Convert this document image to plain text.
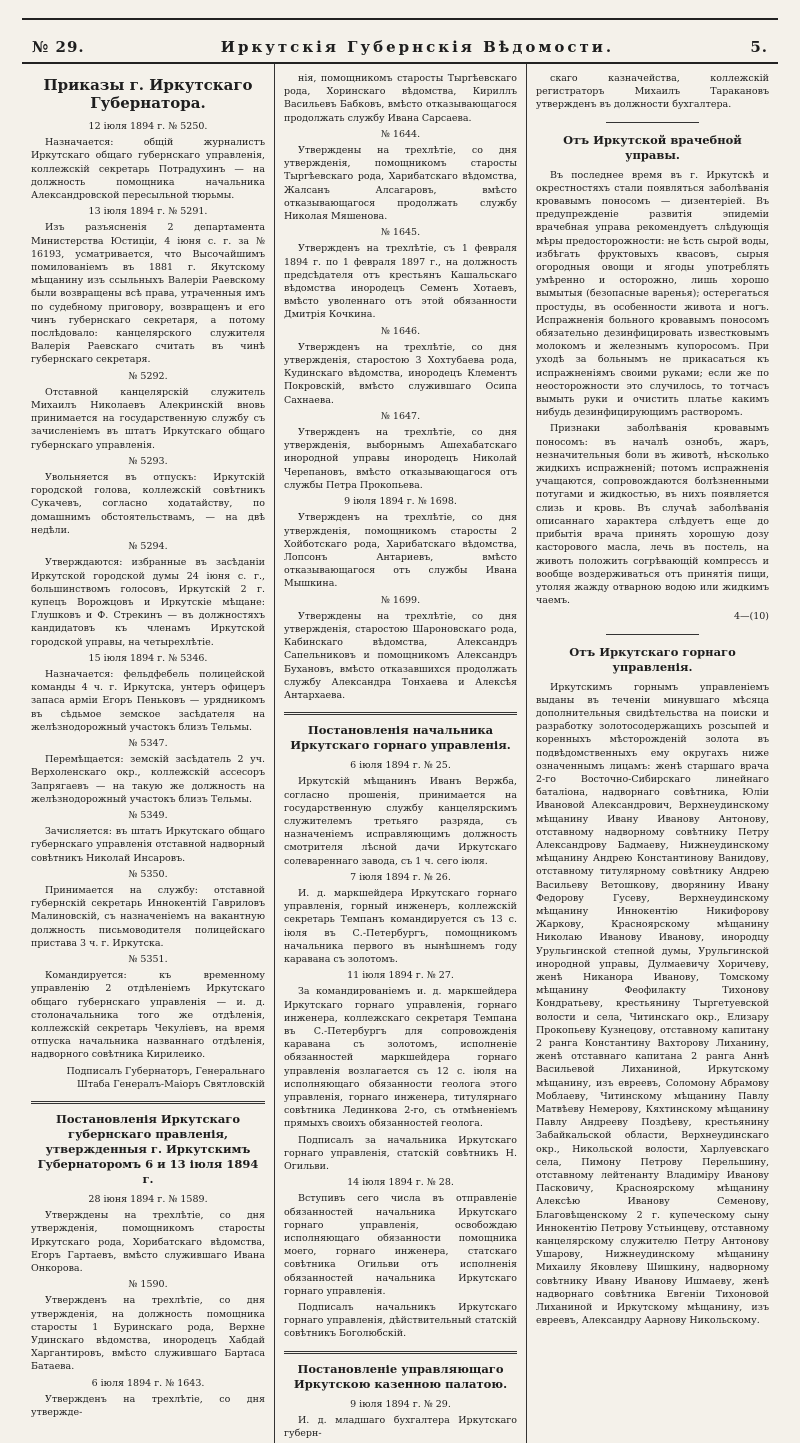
№ 29.	Иркутскія Губернскія Вѣдомости.	5.
Приказы г. Иркутскаго Губернатора.

12 іюля 1894 г. № 5250.

Назначается: общій журналистъ Иркутскаго общаго губернскаго управленія, коллежскій секретарь Потрадухинъ — на должность помощника начальника Александровской пересыльной тюрьмы.

13 іюля 1894 г. № 5291.

Изъ разъясненія 2 департамента Министерства Юстиціи, 4 іюня с. г. за № 16193, усматривается, что Высочайшимъ помилованіемъ въ 1881 г. Якутскому мѣщанину изъ ссыльныхъ Валеріи Раевскому были возвращены всѣ права, утраченныя имъ по судебному приговору, возвращенъ и его чинъ губернскаго секретаря, а потому послѣдовало: канцелярского служителя Валерія Раевскаго считать въ чинѣ губернскаго секретаря.

№ 5292.

Отставной канцелярскій служитель Михаилъ Николаевъ Алекринскій вновь принимается на государственную службу съ зачисленіемъ въ штатъ Иркутскаго общаго губернскаго управленія.

№ 5293.

Увольняется въ отпускъ: Иркутскій городской голова, коллежскій совѣтникъ Сукачевъ, согласно ходатайству, по домашнимъ обстоятельствамъ, — на двѣ недѣли.

№ 5294.

Утверждаются: избранные въ засѣданіи Иркутской городской думы 24 іюня с. г., большинствомъ голосовъ, Иркутскій 2 г. купецъ Ворожцовъ и Иркутскіе мѣщане: Глушковъ и Ф. Стрекинъ — въ должностяхъ кандидатовъ къ членамъ Иркутской городской управы, на четырехлѣтіе.

15 іюля 1894 г. № 5346.

Назначается: фельдфебель полицейской команды 4 ч. г. Иркутска, унтеръ офицеръ запаса арміи Егоръ Пеньковъ — урядникомъ въ сѣдьмое земское засѣдателя на желѣзнодорожный участокъ близъ Тельмы.

№ 5347.

Перемѣщается: земскій засѣдатель 2 уч. Верхоленскаго окр., коллежскій ассесоръ Запрягаевъ — на такую же должность на желѣзнодорожный участокъ близъ Тельмы.

№ 5349.

Зачисляется: въ штатъ Иркутскаго общаго губернскаго управленія отставной надворный совѣтникъ Николай Инсаровъ.

№ 5350.

Принимается на службу: отставной губернскій секретарь Иннокентій Гавриловъ Малиновскій, съ назначеніемъ на вакантную должность письмоводителя полицейскаго пристава 3 ч. г. Иркутска.

№ 5351.

Командируется: къ временному управленію 2 отдѣленіемъ Иркутскаго общаго губернскаго управленія — и. д. столоначальника того же отдѣленія, коллежскій секретарь Чекуліевъ, на время отпуска начальника названнаго отдѣленія, надворного совѣтника Кирилеико.

Подписалъ Губернаторъ, Генеральнаго Штаба Генералъ-Маіоръ Святловскій

Постановленія Иркутскаго губернскаго правленія, утвержденныя г. Иркутскимъ Губернаторомъ 6 и 13 іюля 1894 г.

28 іюня 1894 г. № 1589.

Утверждены на трехлѣтіе, со дня утвержденія, помощникомъ старосты Иркутскаго рода, Хорибатскаго вѣдомства, Егоръ Гартаевъ, вмѣсто служившаго Ивана Онкорова.

№ 1590.

Утвержденъ на трехлѣтіе, со дня утвержденія, на должность помощника старосты 1 Буринскаго рода, Верхне Удинскаго вѣдомства, инородецъ Хабдай Харгантировъ, вмѣсто служившаго Бартаса Батаева.

6 іюля 1894 г. № 1643.

Утвержденъ на трехлѣтіе, со дня утвержде-

нія, помощникомъ старосты Тыргѣевскаго рода, Хоринскаго вѣдомства, Кириллъ Васильевъ Бабковъ, вмѣсто отказывающагося продолжать службу Ивана Сарсаева.

№ 1644.

Утверждены на трехлѣтіе, со дня утвержденія, помощникомъ старосты Тыргѣевскаго рода, Харибатскаго вѣдомства, Жалсанъ Алсагаровъ, вмѣсто отказывающагося продолжать службу Николая Мяшенова.

№ 1645.

Утвержденъ на трехлѣтіе, съ 1 февраля 1894 г. по 1 февраля 1897 г., на должность предсѣдателя отъ крестьянъ Кашальскаго вѣдомства инородецъ Семенъ Хотаевъ, вмѣсто уволеннаго отъ этой обязанности Дмитрія Кочкина.

№ 1646.

Утвержденъ на трехлѣтіе, со дня утвержденія, старостою 3 Хохтубаева рода, Кудинскаго вѣдомства, инородецъ Клементъ Покровскій, вмѣсто служившаго Осипа Сахнаева.

№ 1647.

Утвержденъ на трехлѣтіе, со дня утвержденія, выборнымъ Ашехабатскаго инородной управы инородецъ Николай Черепановъ, вмѣсто отказывающагося отъ службы Петра Прокопьева.

9 іюля 1894 г. № 1698.

Утвержденъ на трехлѣтіе, со дня утвержденія, помощникомъ старосты 2 Хойботскаго рода, Харибатскаго вѣдомства, Лопсонъ Антариевъ, вмѣсто отказывающагося отъ службы Ивана Мышкина.

№ 1699.

Утверждены на трехлѣтіе, со дня утвержденія, старостою Шароновскаго рода, Кабинскаго вѣдомства, Александръ Сапельниковъ и помощникомъ Александръ Бухановъ, вмѣсто отказавшихся продолжать службу Александра Тонхаева и Алексѣя Антархаева.

Постановленія начальника Иркутскаго горнаго управленія.

6 іюля 1894 г. № 25.

Иркутскій мѣщанинъ Иванъ Вержба, согласно прошенія, принимается на государственную службу канцелярскимъ служителемъ третьяго разряда, съ назначеніемъ исправляющимъ должность смотрителя лѣсной дачи Иркутскаго солевареннаго завода, съ 1 ч. сего іюля.

7 іюля 1894 г. № 26.

И. д. маркшейдера Иркутскаго горнаго управленія, горный инженеръ, коллежскій секретарь Темпанъ командируется съ 13 с. іюля въ С.-Петербургъ, помощникомъ начальника первого въ нынѣшнемъ году каравана съ золотомъ.

11 іюля 1894 г. № 27.

За командированіемъ и. д. маркшейдера Иркутскаго горнаго управленія, горнаго инженера, коллежскаго секретаря Темпана въ С.-Петербургъ для сопровожденія каравана съ золотомъ, исполненіе обязанностей маркшейдера горнаго управленія возлагается съ 12 с. іюля на исполняющаго обязанности геолога этого управленія, горнаго инженера, титулярнаго совѣтника Лединкова 2-го, съ отмѣненіемъ прямыхъ своихъ обязанностей геолога.

Подписалъ за начальника Иркутскаго горнаго управленія, статскій совѣтникъ Н. Огильви.

14 іюля 1894 г. № 28.

Вступивъ сего числа въ отправленіе обязанностей начальника Иркутскаго горнаго управленія, освобождаю исполняющаго обязанности помощника моего, горнаго инженера, статскаго совѣтника Огильви отъ исполненія обязанностей начальника Иркутскаго горнаго управленія.

Подписалъ начальникъ Иркутскаго горнаго управленія, дѣйствительный статскій совѣтникъ Боголюбскій.

Постановленіе управляющаго Иркутскою казенною палатою.

9 іюля 1894 г. № 29.

И. д. младшаго бухгалтера Иркутскаго губерн-

скаго казначейства, коллежскій регистраторъ Михаилъ Таракановъ утвержденъ въ должности бухгалтера.

Отъ Иркутской врачебной управы.

Въ последнее время въ г. Иркутскѣ и окрестностяхъ стали появляться заболѣванія кровавымъ поносомъ — дизентеріей. Въ предупрежденіе развитія эпидеміи врачебная управа рекомендуетъ слѣдующія мѣры предосторожности: не ѣсть сырой воды, избѣгать фруктовыхъ квасовъ, сырыя огородныя овощи и ягоды употреблять умѣренно и осторожно, лишь хорошо вымытыя (безопасные варенья); остерегаться простуды, въ особенности живота и ногъ. Испражненія больного кровавымъ поносомъ обязательно дезинфицировать известковымъ молокомъ и железнымъ купоросомъ. При уходѣ за больнымъ не прикасаться къ испражненіямъ своими руками; если же по неосторожности это случилось, то тотчасъ вымыть руки и очистить платье какимъ нибудь дезинфицирующимъ растворомъ.

Признаки заболѣванія кровавымъ поносомъ: въ началѣ ознобъ, жаръ, незначительныя боли въ животѣ, нѣсколько жидкихъ испражненій; потомъ испражненія учащаются, сопровождаются болѣзненными потугами и жидкостью, въ нихъ появляется слизь и кровь. Въ случаѣ заболѣванія описаннаго характера слѣдуетъ еще до прибытія врача принять хорошую дозу касторового масла, лечь въ постель, на животъ положить согрѣвающій компрессъ и вообще воздерживаться отъ принятія пищи, утоляя жажду отварною водою или жидкимъ чаемъ.

4—(10)

Отъ Иркутскаго горнаго управленія.

Иркутскимъ горнымъ управленіемъ выданы въ теченіи минувшаго мѣсяца дополнительныя свидѣтельства на поиски и разработку золотосодержащихъ розсыпей и коренныхъ мѣсторожденій золота въ подвѣдомственныхъ ему округахъ ниже означеннымъ лицамъ: женѣ старшаго врача 2-го Восточно-Сибирскаго линейнаго баталіона, надворнаго совѣтника, Юліи Ивановой Александрович, Верхнеудинскому мѣщанину Ивану Иванову Антонову, отставному надворному совѣтнику Петру Александрову Бадмаеву, Нижнеудинскому мѣщанину Андрею Константинову Ванидову, отставному титулярному совѣтнику Андрею Васильеву Ветошкову, дворянину Ивану Федорову Гусеву, Верхнеудинскому мѣщанину Иннокентію Никифорову Жаркову, Красноярскому мѣщанину Николаю Иванову Иванову, инородцу Урульгинской степной думы, Урульгинской инородной управы, Дулмаевичу Хоричеву, женѣ Никанора Иванову, Томскому мѣщанину Феофилакту Тихонову Кондратьеву, крестьянину Тыргетуевской волости и села, Читинскаго окр., Елизару Прокопьеву Кузнецову, отставному капитану 2 ранга Константину Вахторову Лиханину, женѣ отставнаго капитана 2 ранга Аннѣ Васильевой Лиханиной, Иркутскому мѣщанину, изъ евреевъ, Соломону Абрамову Моблаеву, Читинскому мѣщанину Павлу Матвѣеву Немерову, Кяхтинскому мѣщанину Павлу Андрееву Поздѣеву, крестьянину Забайкальской области, Верхнеудинскаго окр., Никольской волости, Харлуевскаго села, Пимону Петрову Перельшину, отставному лейтенанту Владиміру Иванову Пасковичу, Красноярскому мѣщанину Алексѣю Иванову Семенову, Благовѣщенскому 2 г. купеческому сыну Иннокентію Петрову Устьинцеву, отставному канцелярскому служителю Петру Антонову Ушарову, Нижнеудинскому мѣщанину Михаилу Яковлеву Шишкину, надворному совѣтнику Ивану Иванову Ишмаеву, женѣ надворнаго совѣтника Евгеніи Тихоновой Лиханиной и Иркутскому мѣщанину, изъ евреевъ, Александру Аарнову Никольскому.
